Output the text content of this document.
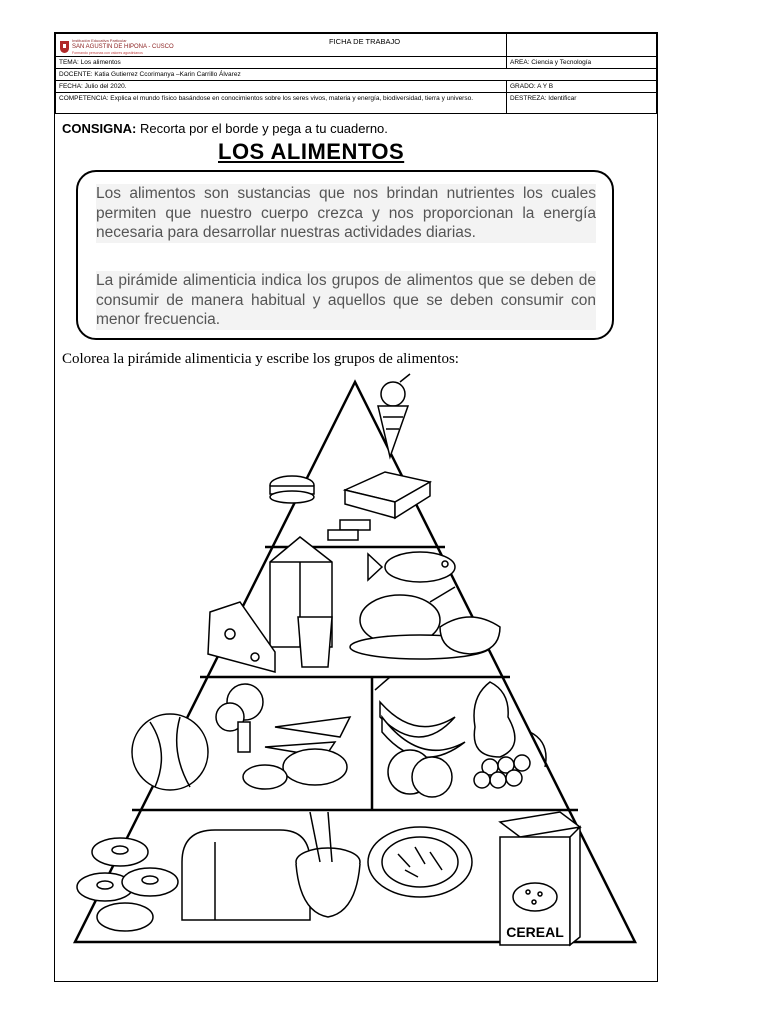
Institución Educativa Particular
SAN AGUSTIN DE HIPONA - CUSCO
Formando personas con valores agustinianos
FICHA DE TRABAJO	

TEMA: Los alimentos	AREA: Ciencia y Tecnología
DOCENTE: Katia Gutierrez Ccorimanya –Karin Carrillo Álvarez	
FECHA: Julio del 2020.	GRADO: A Y B
COMPETENCIA: Explica el mundo físico basándose en conocimientos sobre los seres vivos, materia y energía, biodiversidad, tierra y universo.	DESTREZA: Identificar
CONSIGNA: Recorta por el borde y pega a tu cuaderno.
LOS ALIMENTOS
Los alimentos son sustancias que nos brindan nutrientes los cuales permiten que nuestro cuerpo crezca y nos proporcionan la energía necesaria para desarrollar nuestras actividades diarias.
La pirámide alimenticia indica los grupos de alimentos que se deben de consumir de manera habitual y aquellos que se deben consumir con menor frecuencia.
Colorea la pirámide alimenticia y escribe los grupos de alimentos:
CEREAL
